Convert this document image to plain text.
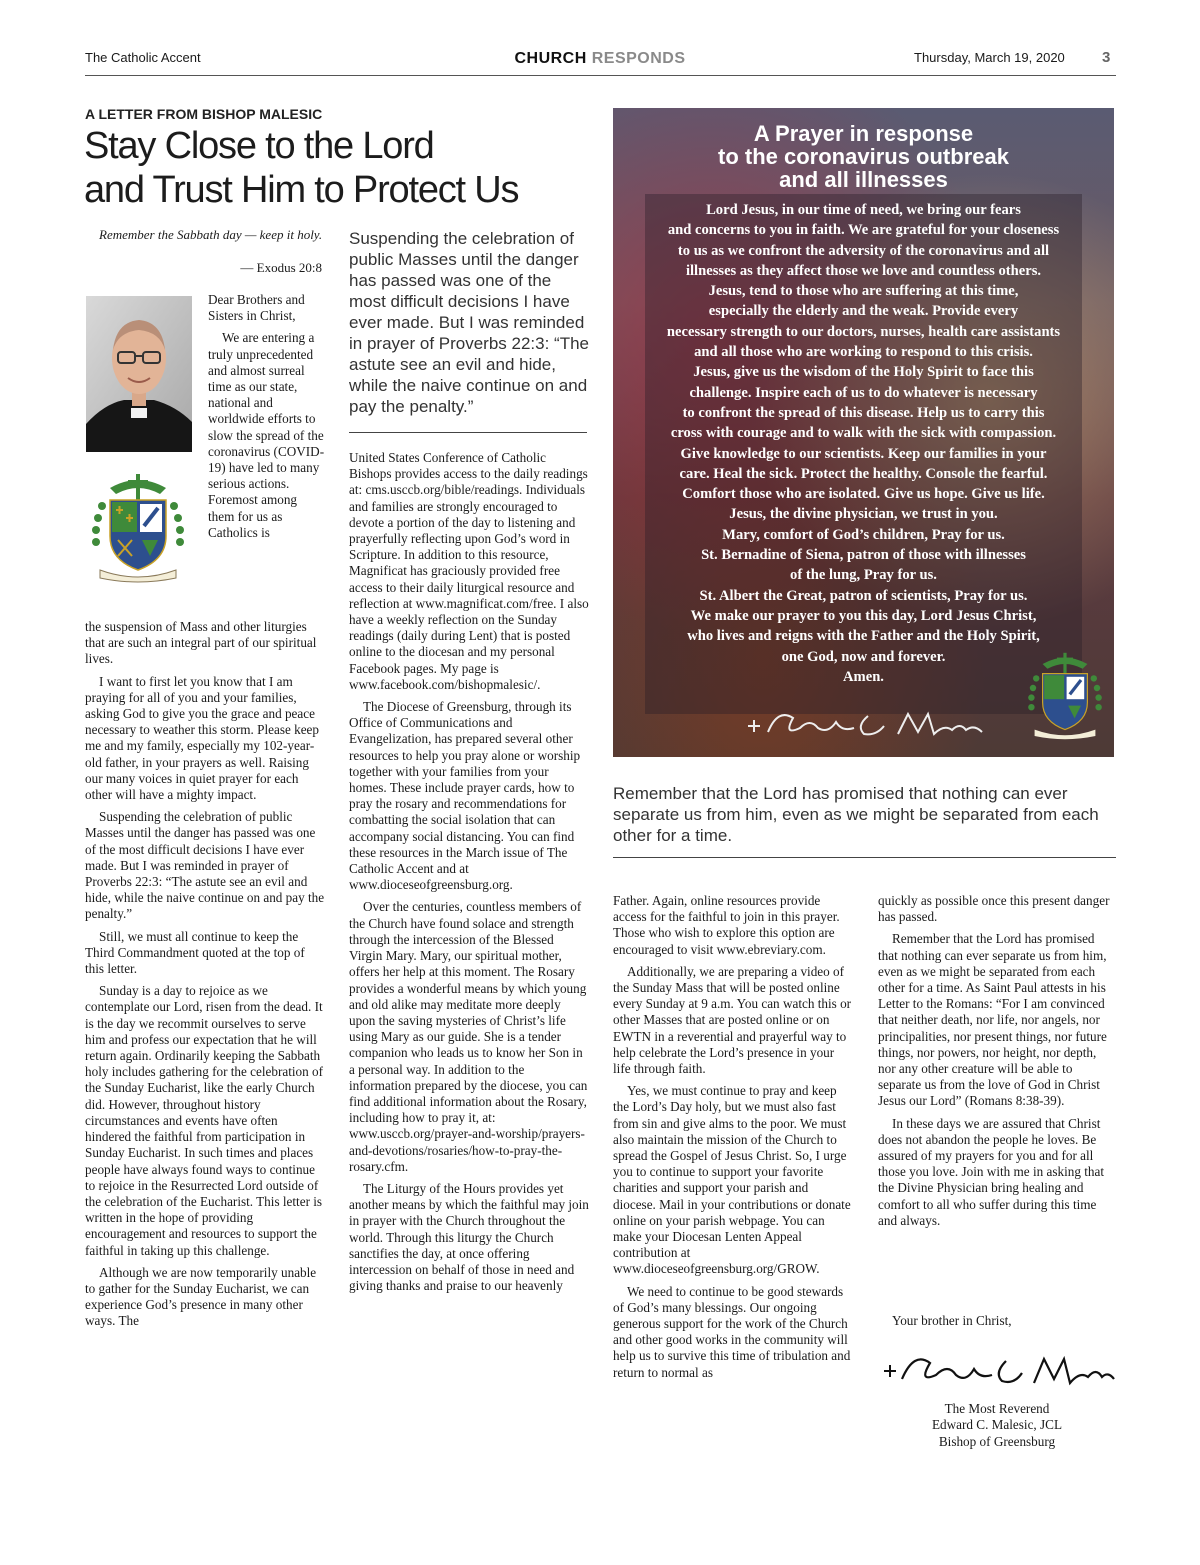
The Catholic Accent	CHURCH RESPONDS	Thursday, March 19, 2020 3
A LETTER FROM BISHOP MALESIC
Stay Close to the Lord
and Trust Him to Protect Us

Remember the Sabbath day — keep it holy.

— Exodus 20:8

Dear Brothers and Sisters in Christ,

We are entering a truly unprecedented and almost surreal time as our state, national and worldwide efforts to slow the spread of the coronavirus (COVID-19) have led to many serious actions. Foremost among them for us as Catholics is

the suspension of Mass and other liturgies that are such an integral part of our spiritual lives.

I want to first let you know that I am praying for all of you and your families, asking God to give you the grace and peace necessary to weather this storm. Please keep me and my family, especially my 102-year-old father, in your prayers as well. Raising our many voices in quiet prayer for each other will have a mighty impact.

Suspending the celebration of public Masses until the danger has passed was one of the most difficult decisions I have ever made. But I was reminded in prayer of Proverbs 22:3: “The astute see an evil and hide, while the naive continue on and pay the penalty.”

Still, we must all continue to keep the Third Commandment quoted at the top of this letter.

Sunday is a day to rejoice as we contemplate our Lord, risen from the dead. It is the day we recommit ourselves to serve him and profess our expectation that he will return again. Ordinarily keeping the Sabbath holy includes gathering for the celebration of the Sunday Eucharist, like the early Church did. However, throughout history circumstances and events have often hindered the faithful from participation in Sunday Eucharist. In such times and places people have always found ways to continue to rejoice in the Resurrected Lord outside of the celebration of the Eucharist. This letter is written in the hope of providing encouragement and resources to support the faithful in taking up this challenge.

Although we are now temporarily unable to gather for the Sunday Eucharist, we can experience God’s presence in many other ways. The

Suspending the celebration of public Masses until the danger has passed was one of the most difficult decisions I have ever made. But I was reminded in prayer of Proverbs 22:3: “The astute see an evil and hide, while the naive continue on and pay the penalty.”

United States Conference of Catholic Bishops provides access to the daily readings at: cms.usccb.org/bible/readings. Individuals and families are strongly encouraged to devote a portion of the day to listening and prayerfully reflecting upon God’s word in Scripture. In addition to this resource, Magnificat has graciously provided free access to their daily liturgical resource and reflection at www.magnificat.com/free. I also have a weekly reflection on the Sunday readings (daily during Lent) that is posted online to the diocesan and my personal Facebook pages. My page is www.facebook.com/bishopmalesic/.

The Diocese of Greensburg, through its Office of Communications and Evangelization, has prepared several other resources to help you pray alone or worship together with your families from your homes. These include prayer cards, how to pray the rosary and recommendations for combatting the social isolation that can accompany social distancing. You can find these resources in the March issue of The Catholic Accent and at www.dioceseofgreensburg.org.

Over the centuries, countless members of the Church have found solace and strength through the intercession of the Blessed Virgin Mary. Mary, our spiritual mother, offers her help at this moment. The Rosary provides a wonderful means by which young and old alike may meditate more deeply upon the saving mysteries of Christ’s life using Mary as our guide. She is a tender companion who leads us to know her Son in a personal way. In addition to the information prepared by the diocese, you can find additional information about the Rosary, including how to pray it, at: www.usccb.org/prayer-and-worship/prayers-and-devotions/rosaries/how-to-pray-the-rosary.cfm.

The Liturgy of the Hours provides yet another means by which the faithful may join in prayer with the Church throughout the world. Through this liturgy the Church sanctifies the day, at once offering intercession on behalf of those in need and giving thanks and praise to our heavenly

A Prayer in response
to the coronavirus outbreak
and all illnesses
Lord Jesus, in our time of need, we bring our fears
and concerns to you in faith. We are grateful for your closeness
to us as we confront the adversity of the coronavirus and all
illnesses as they affect those we love and countless others.
Jesus, tend to those who are suffering at this time,
especially the elderly and the weak. Provide every
necessary strength to our doctors, nurses, health care assistants
and all those who are working to respond to this crisis.
Jesus, give us the wisdom of the Holy Spirit to face this
challenge. Inspire each of us to do whatever is necessary
to confront the spread of this disease. Help us to carry this
cross with courage and to walk with the sick with compassion.
Give knowledge to our scientists. Keep our families in your
care. Heal the sick. Protect the healthy. Console the fearful.
Comfort those who are isolated. Give us hope. Give us life.
Jesus, the divine physician, we trust in you.
Mary, comfort of God’s children, Pray for us.
St. Bernadine of Siena, patron of those with illnesses
of the lung, Pray for us.
St. Albert the Great, patron of scientists, Pray for us.
We make our prayer to you this day, Lord Jesus Christ,
who lives and reigns with the Father and the Holy Spirit,
one God, now and forever.
Amen.

Remember that the Lord has promised that nothing can ever separate us from him, even as we might be separated from each other for a time.

Father. Again, online resources provide access for the faithful to join in this prayer. Those who wish to explore this option are encouraged to visit www.ebreviary.com.

Additionally, we are preparing a video of the Sunday Mass that will be posted online every Sunday at 9 a.m. You can watch this or other Masses that are posted online or on EWTN in a reverential and prayerful way to help celebrate the Lord’s presence in your life through faith.

Yes, we must continue to pray and keep the Lord’s Day holy, but we must also fast from sin and give alms to the poor. We must also maintain the mission of the Church to spread the Gospel of Jesus Christ. So, I urge you to continue to support your favorite charities and support your parish and diocese. Mail in your contributions or donate online on your parish webpage. You can make your Diocesan Lenten Appeal contribution at www.dioceseofgreensburg.org/GROW.

We need to continue to be good stewards of God’s many blessings. Our ongoing generous support for the work of the Church and other good works in the community will help us to survive this time of tribulation and return to normal as

quickly as possible once this present danger has passed.

Remember that the Lord has promised that nothing can ever separate us from him, even as we might be separated from each other for a time. As Saint Paul attests in his Letter to the Romans: “For I am convinced that neither death, nor life, nor angels, nor principalities, nor present things, nor future things, nor powers, nor height, nor depth, nor any other creature will be able to separate us from the love of God in Christ Jesus our Lord” (Romans 8:38-39).

In these days we are assured that Christ does not abandon the people he loves. Be assured of my prayers for you and for all those you love. Join with me in asking that the Divine Physician bring healing and comfort to all who suffer during this time and always.

Your brother in Christ,
The Most Reverend
Edward C. Malesic, JCL
Bishop of Greensburg
